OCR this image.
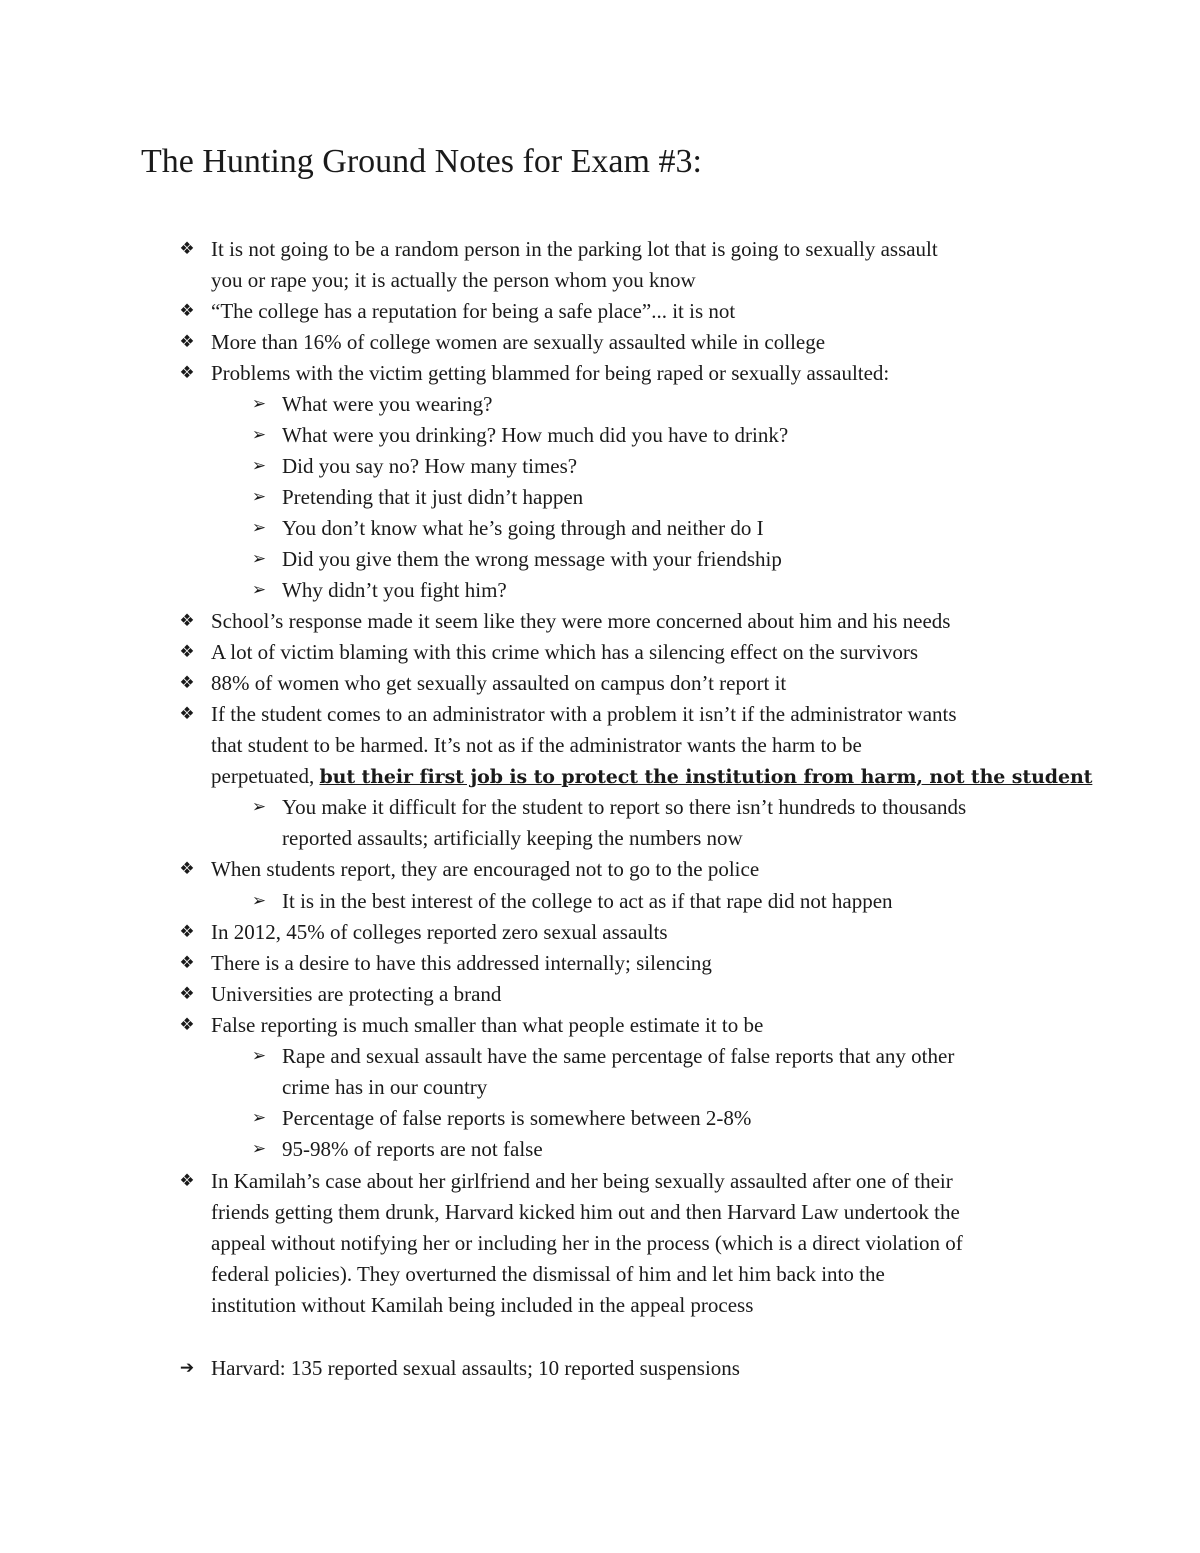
The Hunting Ground Notes for Exam #3:
❖ It is not going to be a random person in the parking lot that is going to sexually assault
you or rape you; it is actually the person whom you know
❖ “The college has a reputation for being a safe place”... it is not
❖ More than 16% of college women are sexually assaulted while in college
❖ Problems with the victim getting blammed for being raped or sexually assaulted:
➢ What were you wearing?
➢ What were you drinking? How much did you have to drink?
➢ Did you say no? How many times?
➢ Pretending that it just didn’t happen
➢ You don’t know what he’s going through and neither do I
➢ Did you give them the wrong message with your friendship
➢ Why didn’t you fight him?
❖ School’s response made it seem like they were more concerned about him and his needs
❖ A lot of victim blaming with this crime which has a silencing effect on the survivors
❖ 88% of women who get sexually assaulted on campus don’t report it
❖ If the student comes to an administrator with a problem it isn’t if the administrator wants
that student to be harmed. It’s not as if the administrator wants the harm to be
perpetuated, but their first job is to protect the institution from harm, not the student
➢ You make it difficult for the student to report so there isn’t hundreds to thousands
reported assaults; artificially keeping the numbers now
❖ When students report, they are encouraged not to go to the police
➢ It is in the best interest of the college to act as if that rape did not happen
❖ In 2012, 45% of colleges reported zero sexual assaults
❖ There is a desire to have this addressed internally; silencing
❖ Universities are protecting a brand
❖ False reporting is much smaller than what people estimate it to be
➢ Rape and sexual assault have the same percentage of false reports that any other
crime has in our country
➢ Percentage of false reports is somewhere between 2-8%
➢ 95-98% of reports are not false
❖ In Kamilah’s case about her girlfriend and her being sexually assaulted after one of their
friends getting them drunk, Harvard kicked him out and then Harvard Law undertook the
appeal without notifying her or including her in the process (which is a direct violation of
federal policies). They overturned the dismissal of him and let him back into the
institution without Kamilah being included in the appeal process
➔ Harvard: 135 reported sexual assaults; 10 reported suspensions
